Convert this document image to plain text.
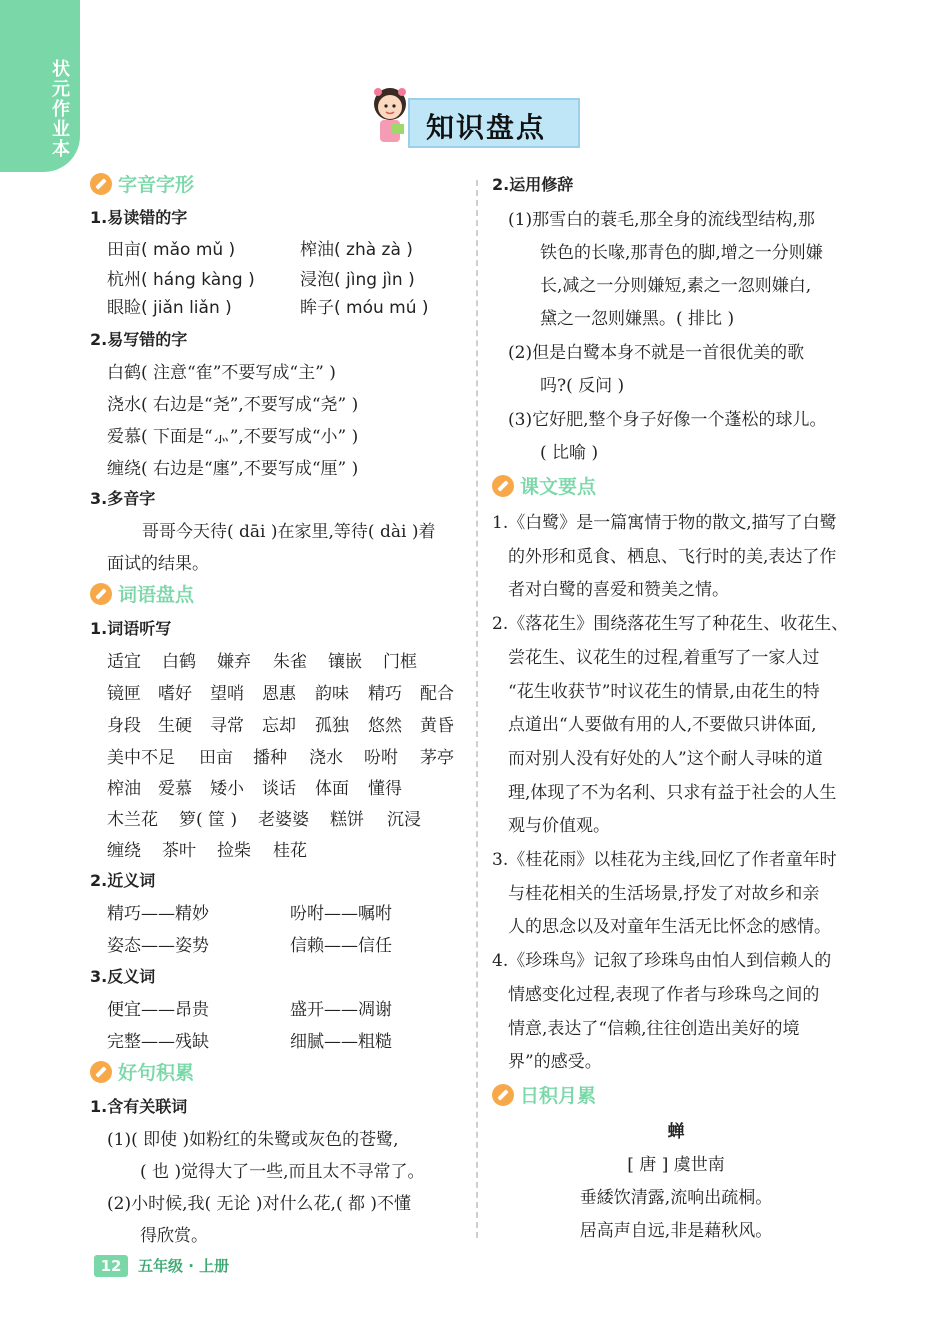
状元作业本
知识盘点
字音字形
1.易读错的字
田亩( mǎo mǔ )	榨油( zhà zà )
杭州( háng kàng )	浸泡( jìng jìn )
眼睑( jiǎn liǎn )	眸子( móu mú )
2.易写错的字
白鹤( 注意“隺”不要写成“主” )
浇水( 右边是“尧”,不要写成“尧” )
爱慕( 下面是“⺗”,不要写成“小” )
缠绕( 右边是“廛”,不要写成“厘” )
3.多音字
哥哥今天待( dāi )在家里,等待( dài )着
面试的结果。
词语盘点
1.词语听写
适宜 白鹤 嫌弃 朱雀 镶嵌 门框
镜匣 嗜好 望哨 恩惠 韵味 精巧 配合
身段 生硬 寻常 忘却 孤独 悠然 黄昏
美中不足 田亩 播种 浇水 吩咐 茅亭
榨油 爱慕 矮小 谈话 体面 懂得
木兰花 箩( 筐 ) 老婆婆 糕饼 沉浸
缠绕 茶叶 捡柴 桂花
2.近义词
精巧——精妙	吩咐——嘱咐
姿态——姿势	信赖——信任
3.反义词
便宜——昂贵	盛开——凋谢
完整——残缺	细腻——粗糙
好句积累
1.含有关联词
(1)( 即使 )如粉红的朱鹭或灰色的苍鹭,
( 也 )觉得大了一些,而且太不寻常了。
(2)小时候,我( 无论 )对什么花,( 都 )不懂
得欣赏。
2.运用修辞
(1)那雪白的蓑毛,那全身的流线型结构,那
铁色的长喙,那青色的脚,增之一分则嫌
长,减之一分则嫌短,素之一忽则嫌白,
黛之一忽则嫌黑。( 排比 )
(2)但是白鹭本身不就是一首很优美的歌
吗?( 反问 )
(3)它好肥,整个身子好像一个蓬松的球儿。
( 比喻 )
课文要点
1.《白鹭》是一篇寓情于物的散文,描写了白鹭
的外形和觅食、栖息、飞行时的美,表达了作
者对白鹭的喜爱和赞美之情。
2.《落花生》围绕落花生写了种花生、收花生、
尝花生、议花生的过程,着重写了一家人过
“花生收获节”时议花生的情景,由花生的特
点道出“人要做有用的人,不要做只讲体面,
而对别人没有好处的人”这个耐人寻味的道
理,体现了不为名利、只求有益于社会的人生
观与价值观。
3.《桂花雨》以桂花为主线,回忆了作者童年时
与桂花相关的生活场景,抒发了对故乡和亲
人的思念以及对童年生活无比怀念的感情。
4.《珍珠鸟》记叙了珍珠鸟由怕人到信赖人的
情感变化过程,表现了作者与珍珠鸟之间的
情意,表达了“信赖,往往创造出美好的境
界”的感受。
日积月累
蝉
[ 唐 ] 虞世南
垂緌饮清露,流响出疏桐。
居高声自远,非是藉秋风。
12	五年级 · 上册
